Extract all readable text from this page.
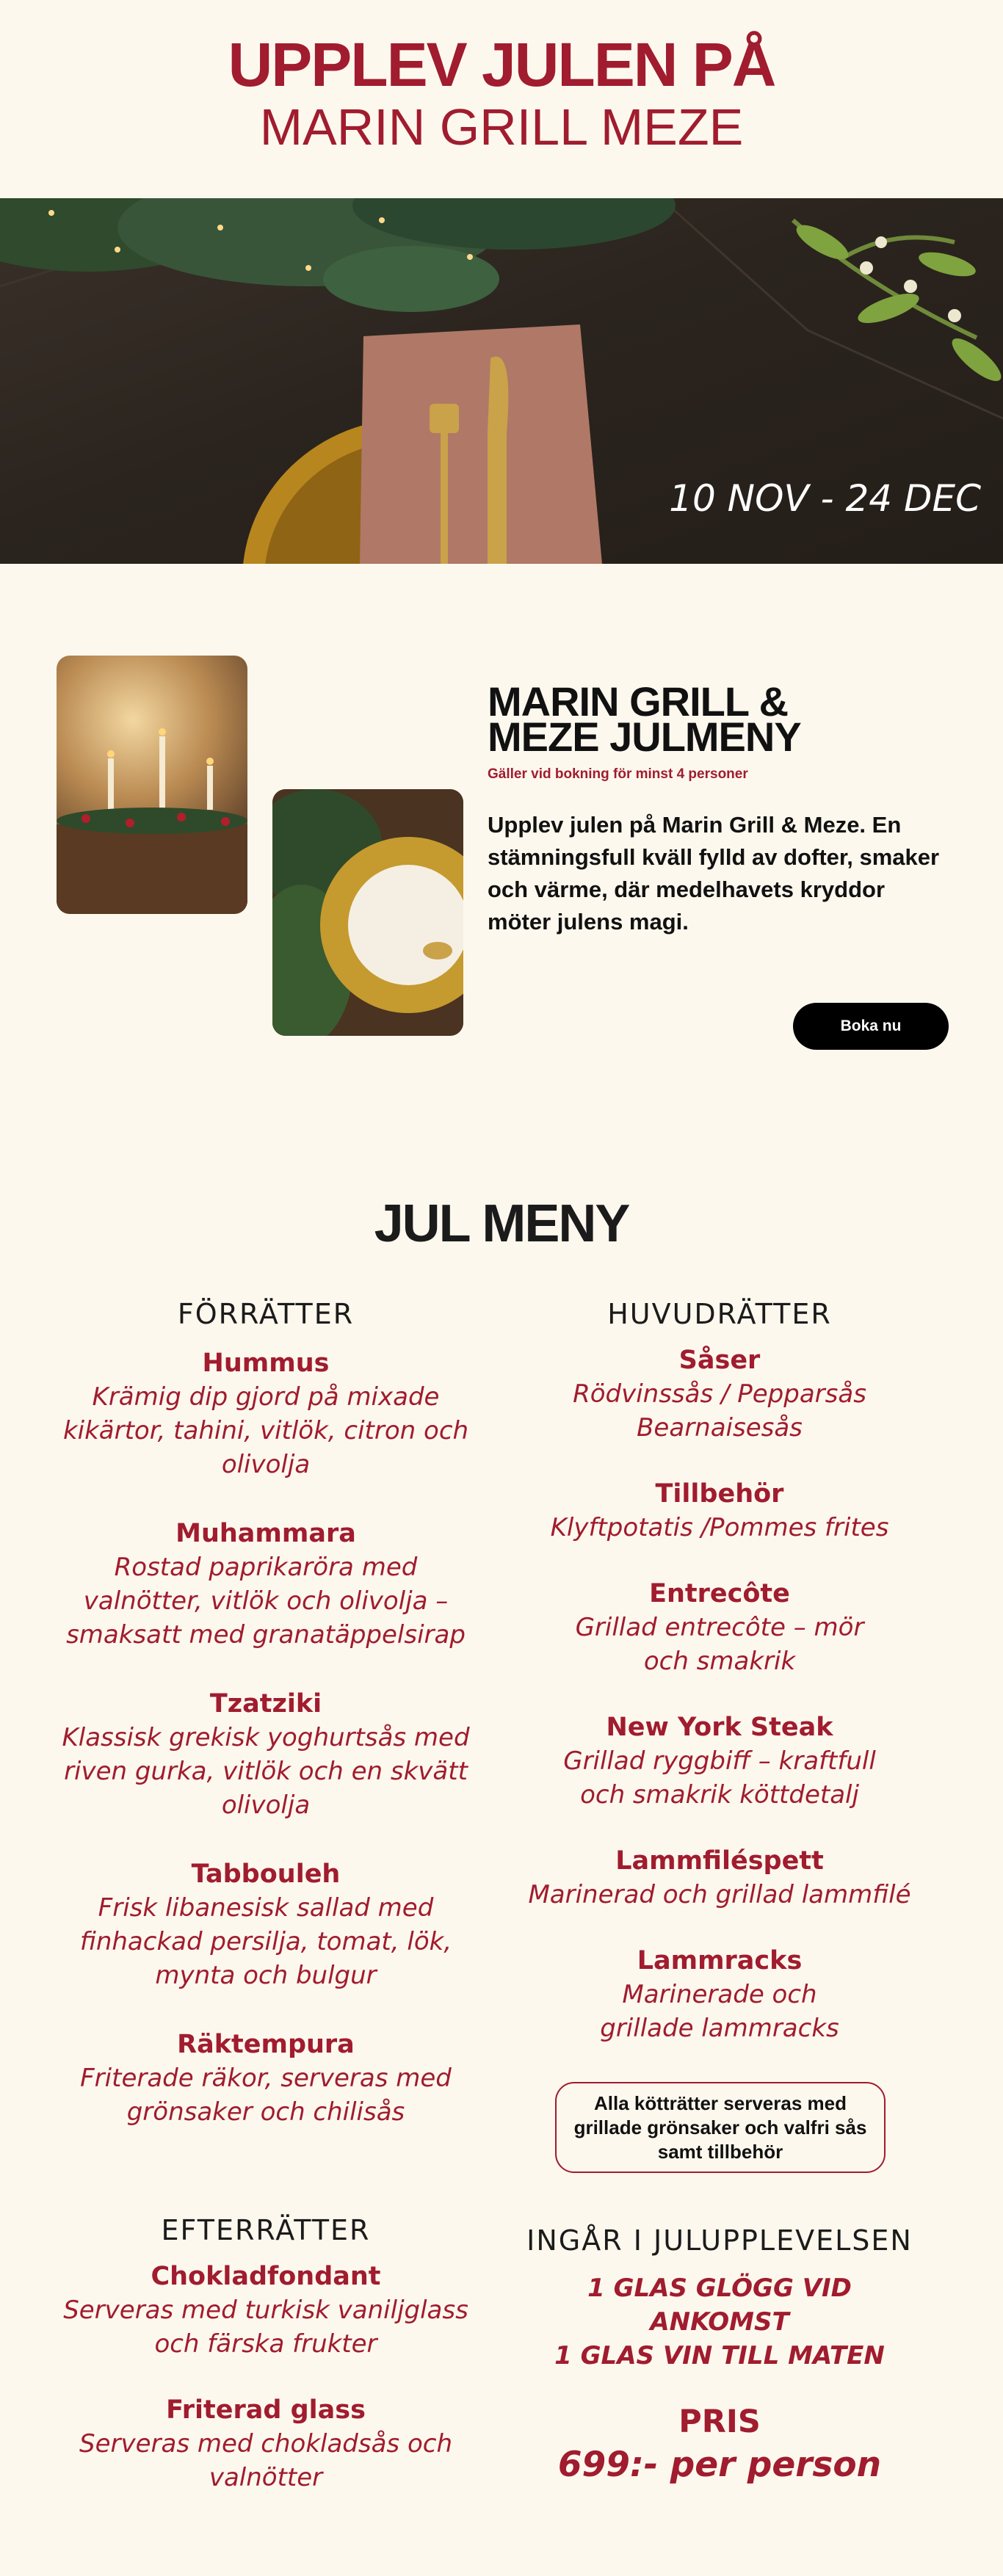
UPPLEV JULEN PÅ
MARIN GRILL MEZE
10 NOV - 24 DEC
MARIN GRILL & MEZE JULMENY
Gäller vid bokning för minst 4 personer
Upplev julen på Marin Grill & Meze. En stämningsfull kväll fylld av dofter, smaker och värme, där medelhavets kryddor möter julens magi.
Boka nu
JUL MENY
FÖRRÄTTER
Hummus
Krämig dip gjord på mixade kikärtor, tahini, vitlök, citron och olivolja
Muhammara
Rostad paprikaröra med valnötter, vitlök och olivolja – smaksatt med granatäppelsirap
Tzatziki
Klassisk grekisk yoghurtsås med riven gurka, vitlök och en skvätt olivolja
Tabbouleh
Frisk libanesisk sallad med finhackad persilja, tomat, lök, mynta och bulgur
Räktempura
Friterade räkor, serveras med grönsaker och chilisås
HUVUDRÄTTER
Såser
Rödvinssås / Pepparsås Bearnaisesås
Tillbehör
Klyftpotatis /Pommes frites
Entrecôte
Grillad entrecôte – mör och smakrik
New York Steak
Grillad ryggbiff – kraftfull och smakrik köttdetalj
Lammfiléspett
Marinerad och grillad lammfilé
Lammracks
Marinerade och grillade lammracks
Alla kötträtter serveras med grillade grönsaker och valfri sås samt tillbehör
EFTERRÄTTER
Chokladfondant
Serveras med turkisk vaniljglass och färska frukter
Friterad glass
Serveras med chokladsås och valnötter
INGÅR I JULUPPLEVELSEN
1 GLAS GLÖGG VID ANKOMST
1 GLAS VIN TILL MATEN
PRIS
699:- per person
